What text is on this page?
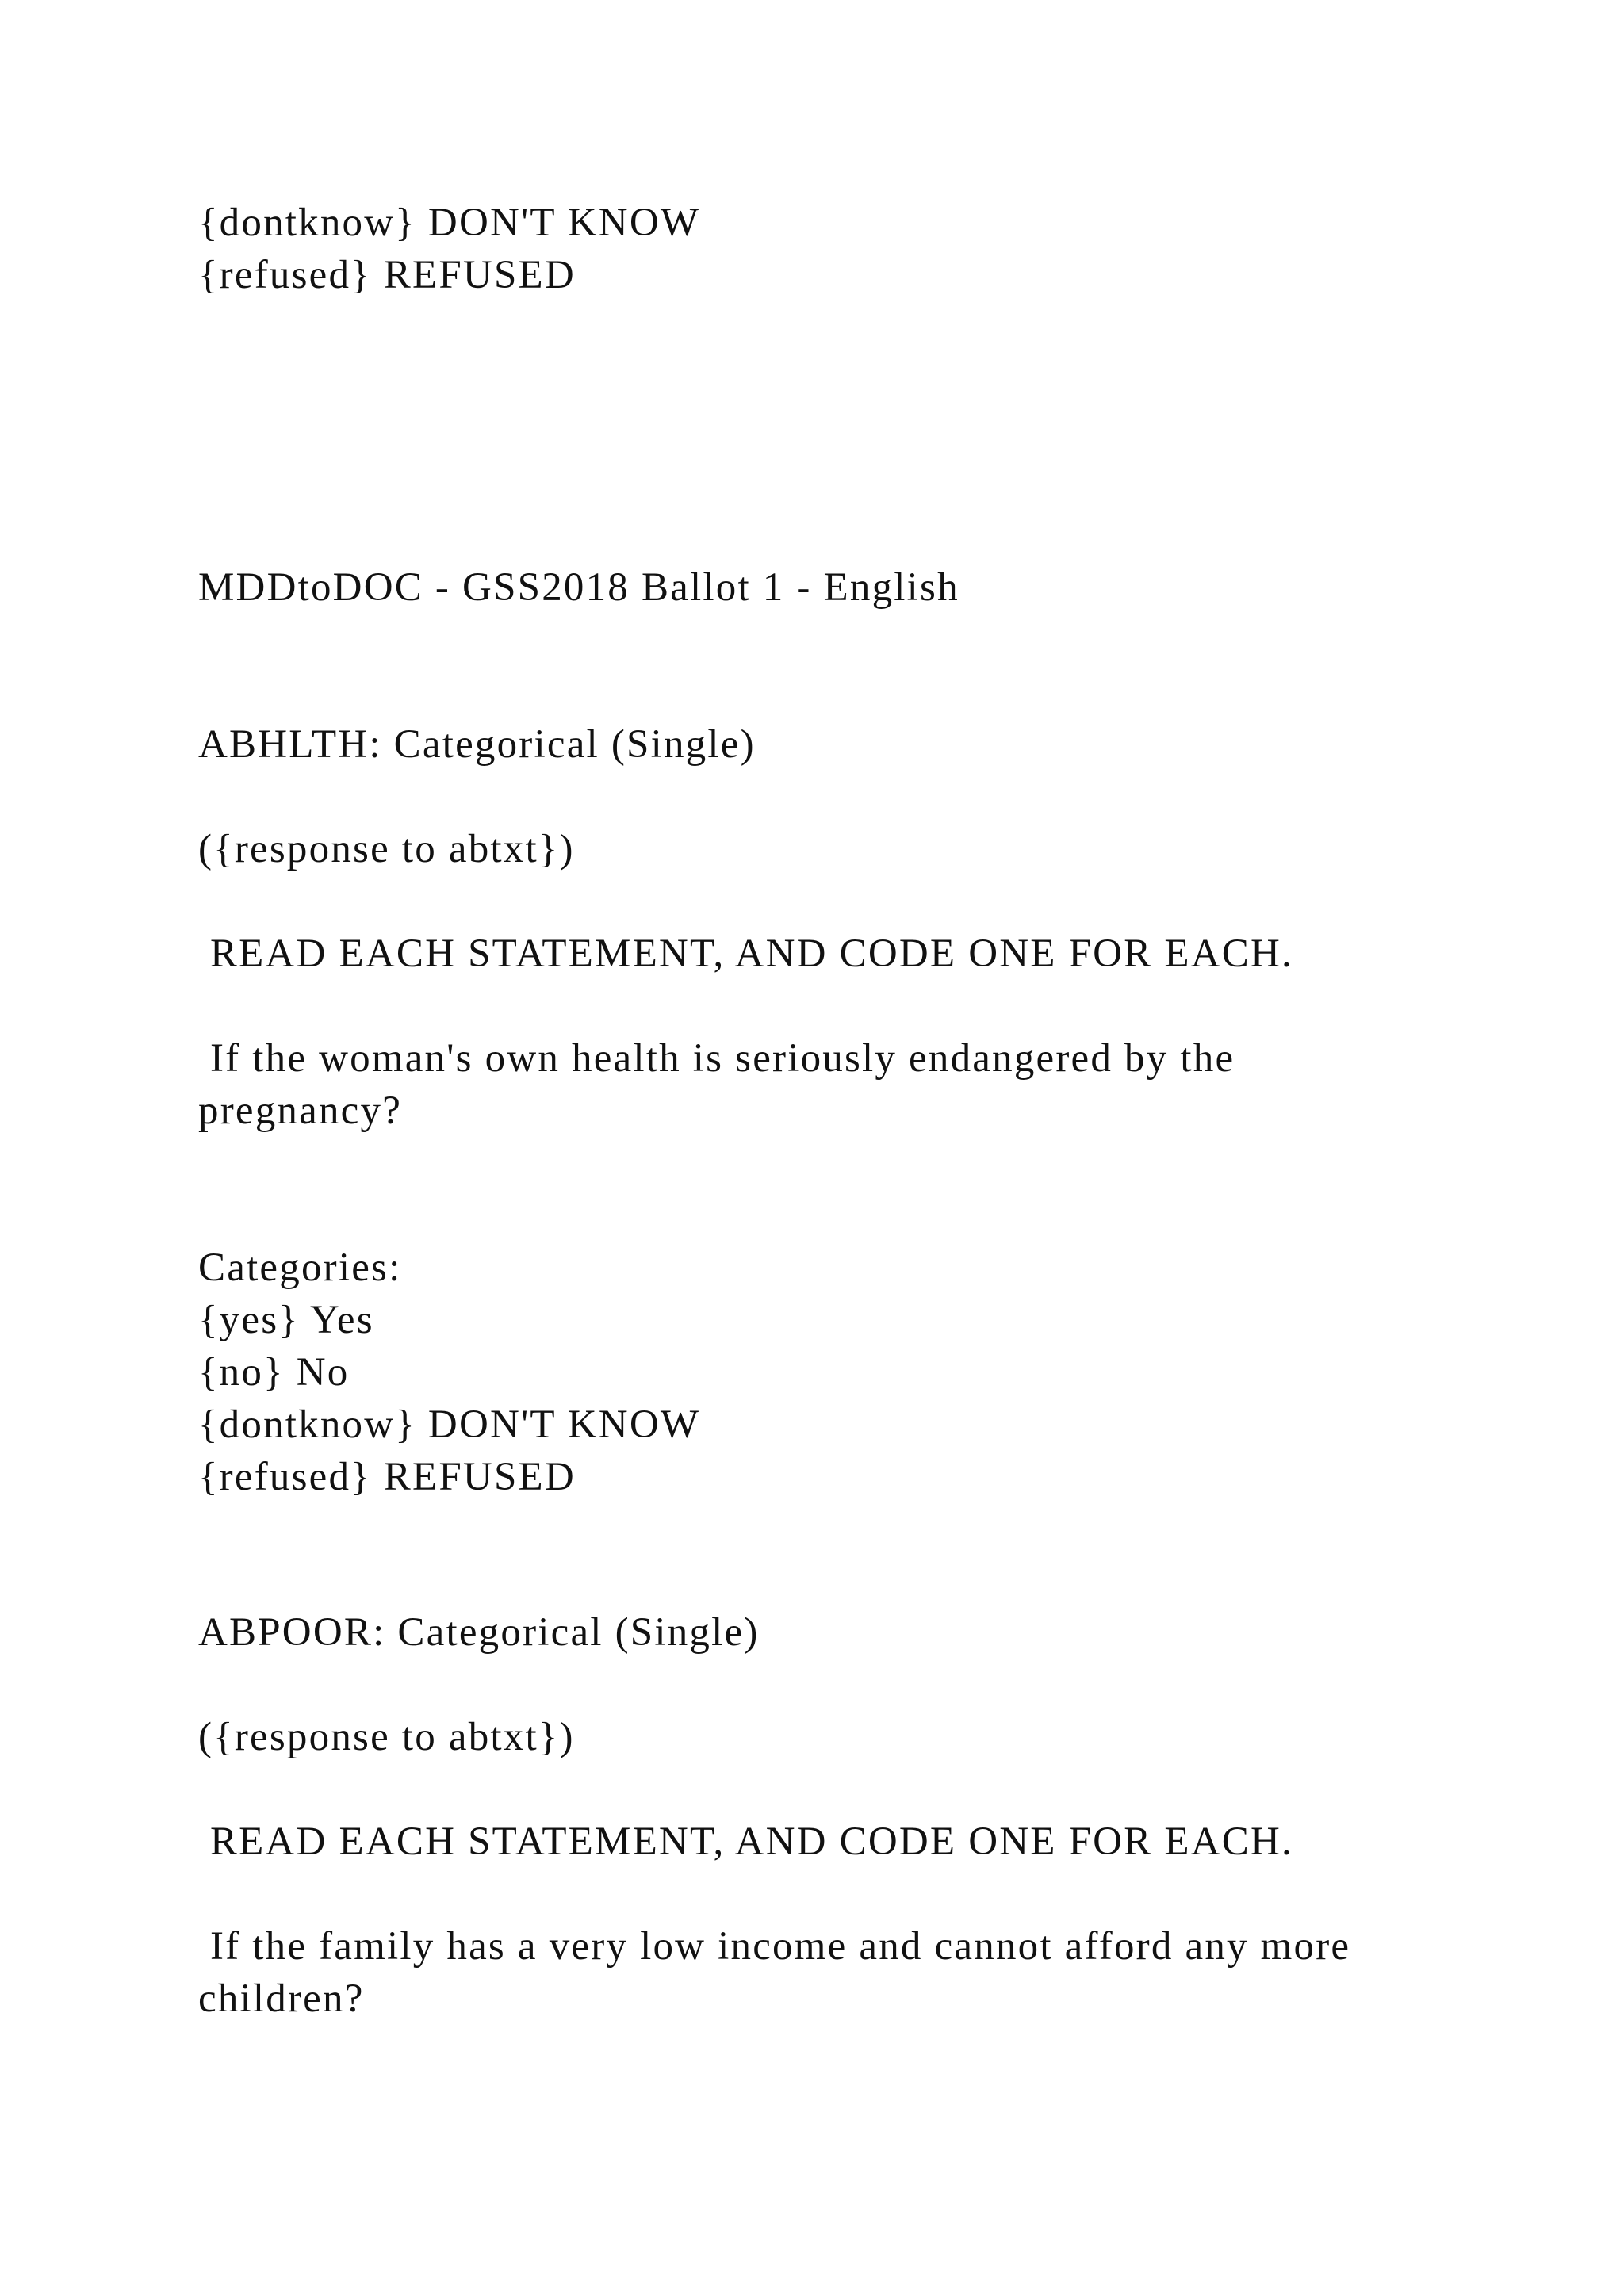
{dontknow} DON'T KNOW

{refused} REFUSED

MDDtoDOC - GSS2018 Ballot 1 - English

ABHLTH: Categorical (Single)

({response to abtxt})

READ EACH STATEMENT, AND CODE ONE FOR EACH.

If the woman's own health is seriously endangered by the

pregnancy?

Categories:

{yes} Yes

{no} No

{dontknow} DON'T KNOW

{refused} REFUSED

ABPOOR: Categorical (Single)

({response to abtxt})

READ EACH STATEMENT, AND CODE ONE FOR EACH.

If the family has a very low income and cannot afford any more

children?
